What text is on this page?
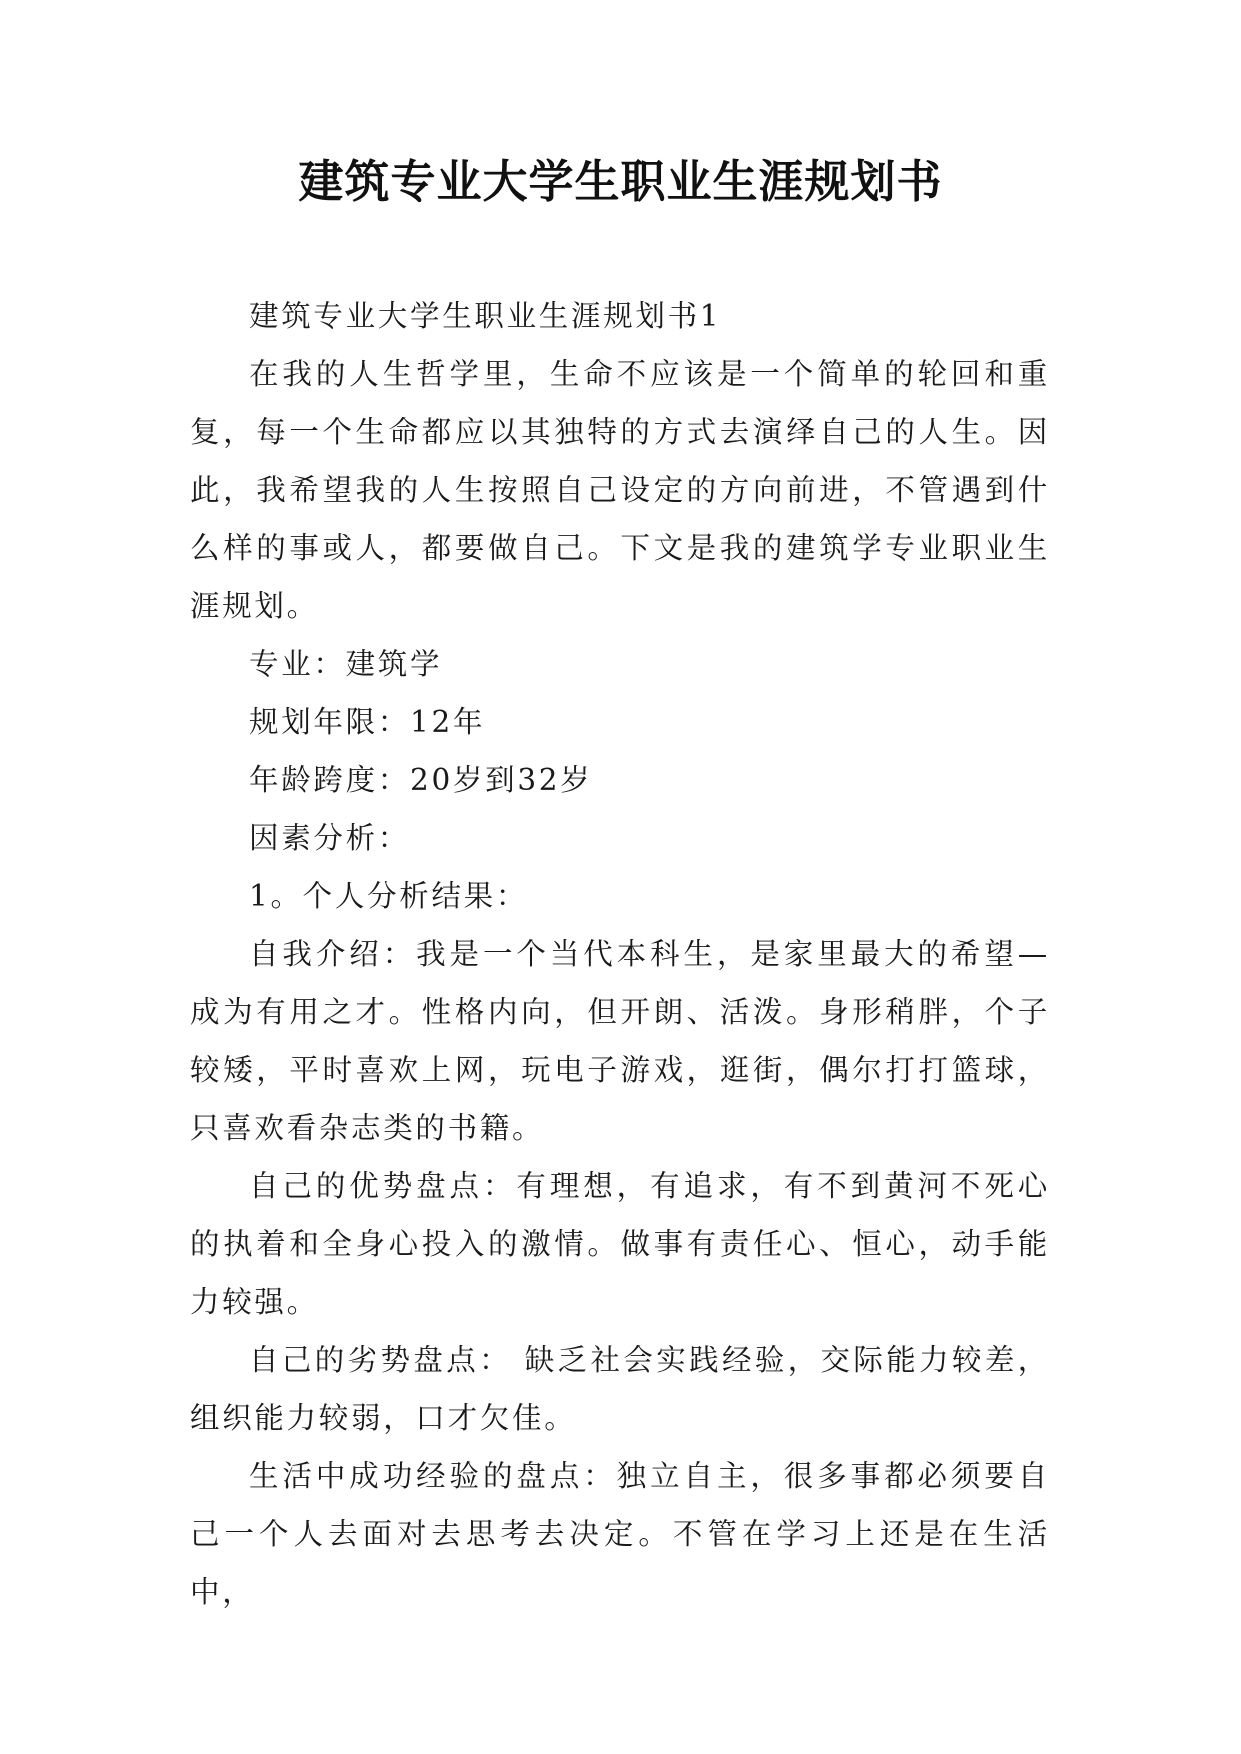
建筑专业大学生职业生涯规划书

建筑专业大学生职业生涯规划书1

在我的人生哲学里，生命不应该是一个简单的轮回和重复，每一个生命都应以其独特的方式去演绎自己的人生。因此，我希望我的人生按照自己设定的方向前进，不管遇到什么样的事或人，都要做自己。下文是我的建筑学专业职业生涯规划。

专业：建筑学

规划年限：12年

年龄跨度：20岁到32岁

因素分析：

1。个人分析结果：

自我介绍：我是一个当代本科生，是家里最大的希望—成为有用之才。性格内向，但开朗、活泼。身形稍胖，个子较矮，平时喜欢上网，玩电子游戏，逛街，偶尔打打篮球，只喜欢看杂志类的书籍。

自己的优势盘点：有理想，有追求，有不到黄河不死心的执着和全身心投入的激情。做事有责任心、恒心，动手能力较强。

自己的劣势盘点： 缺乏社会实践经验，交际能力较差，组织能力较弱，口才欠佳。

生活中成功经验的盘点：独立自主，很多事都必须要自己一个人去面对去思考去决定。不管在学习上还是在生活中，
